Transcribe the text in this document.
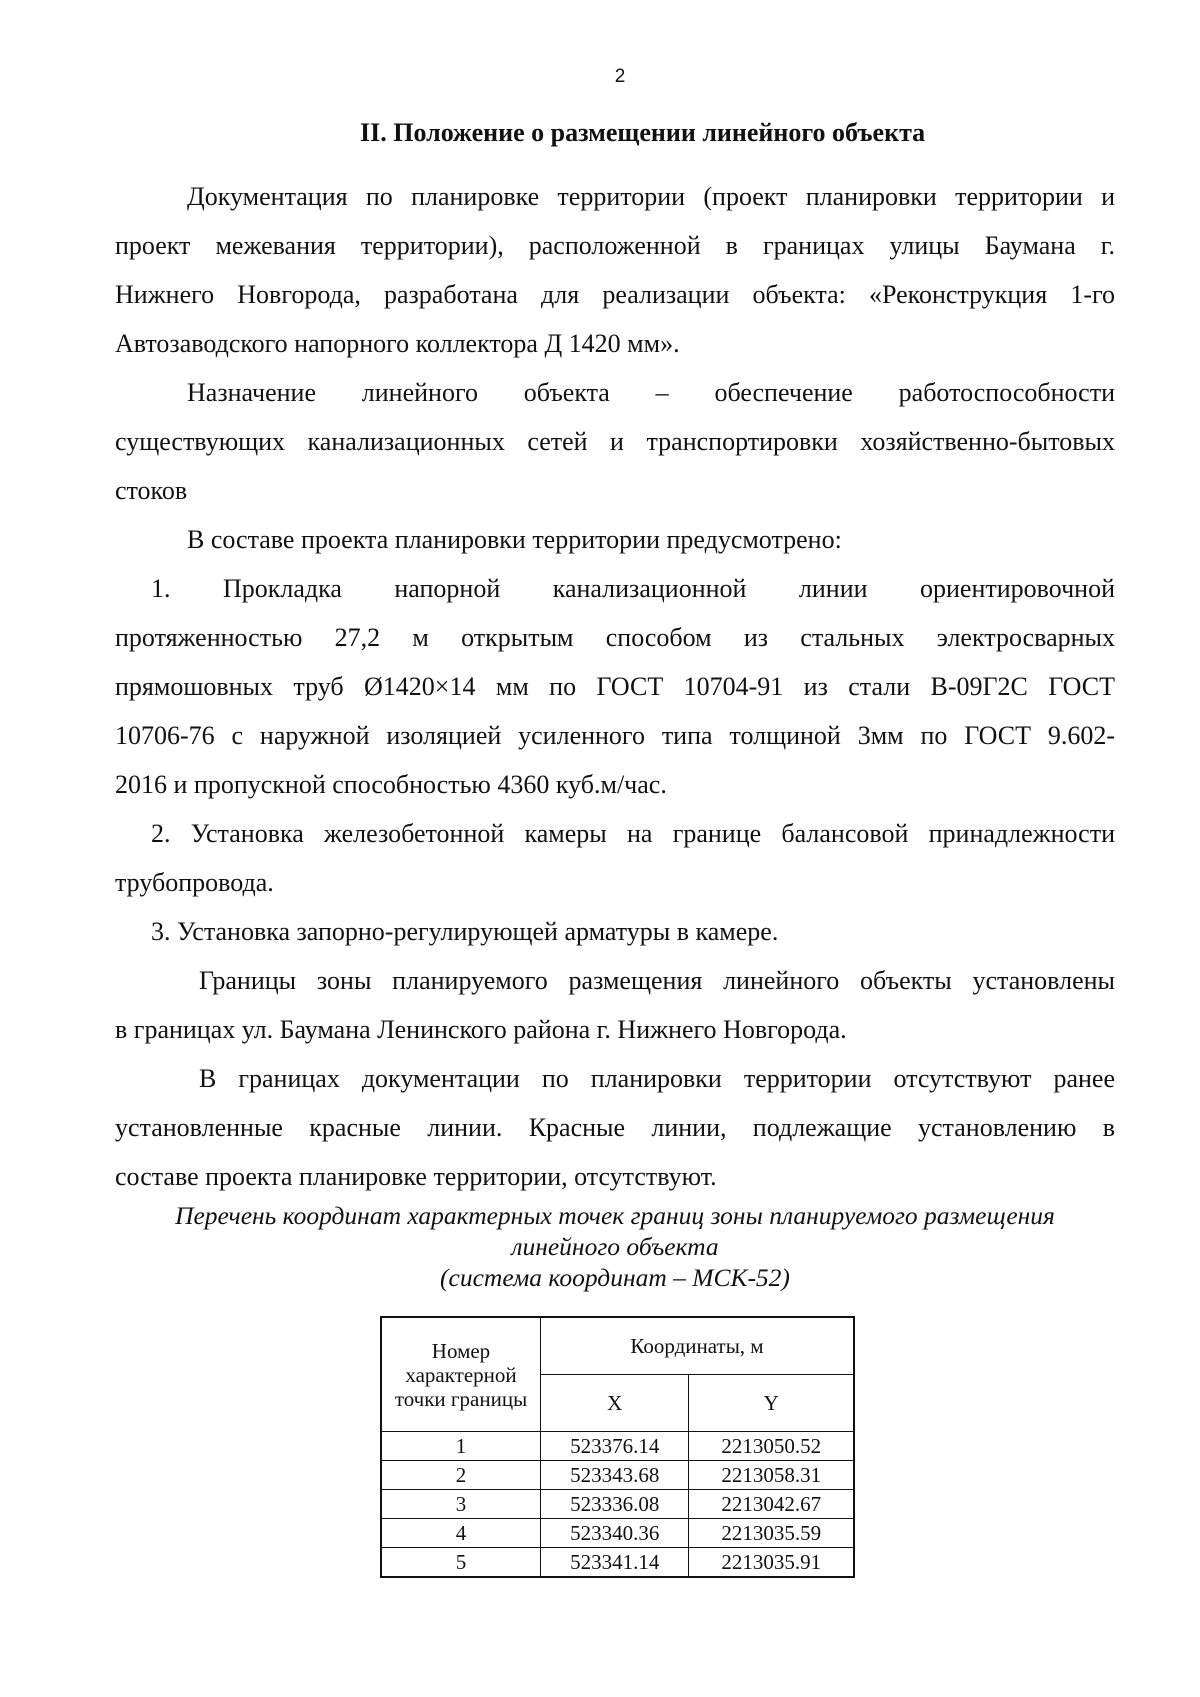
2
II. Положение о размещении линейного объекта
Документация по планировке территории (проект планировки территории и
проект межевания территории), расположенной в границах улицы Баумана г.
Нижнего Новгорода, разработана для реализации объекта: «Реконструкция 1-го
Автозаводского напорного коллектора Д 1420 мм».
Назначение линейного объекта – обеспечение работоспособности
существующих канализационных сетей и транспортировки хозяйственно-бытовых
стоков
В составе проекта планировки территории предусмотрено:
1. Прокладка напорной канализационной линии ориентировочной
протяженностью 27,2 м открытым способом из стальных электросварных
прямошовных труб Ø1420×14 мм по ГОСТ 10704-91 из стали В-09Г2С ГОСТ
10706-76 с наружной изоляцией усиленного типа толщиной 3мм по ГОСТ 9.602-
2016 и пропускной способностью 4360 куб.м/час.
2. Установка железобетонной камеры на границе балансовой принадлежности
трубопровода.
3. Установка запорно-регулирующей арматуры в камере.
Границы зоны планируемого размещения линейного объекты установлены
в границах ул. Баумана Ленинского района г. Нижнего Новгорода.
В границах документации по планировки территории отсутствуют ранее
установленные красные линии. Красные линии, подлежащие установлению в
составе проекта планировке территории, отсутствуют.
Перечень координат характерных точек границ зоны планируемого размещения
линейного объекта
(система координат – МСК-52)
Номер характерной точки границы	Координаты, м	
	X	Y
1	523376.14	2213050.52
2	523343.68	2213058.31
3	523336.08	2213042.67
4	523340.36	2213035.59
5	523341.14	2213035.91
